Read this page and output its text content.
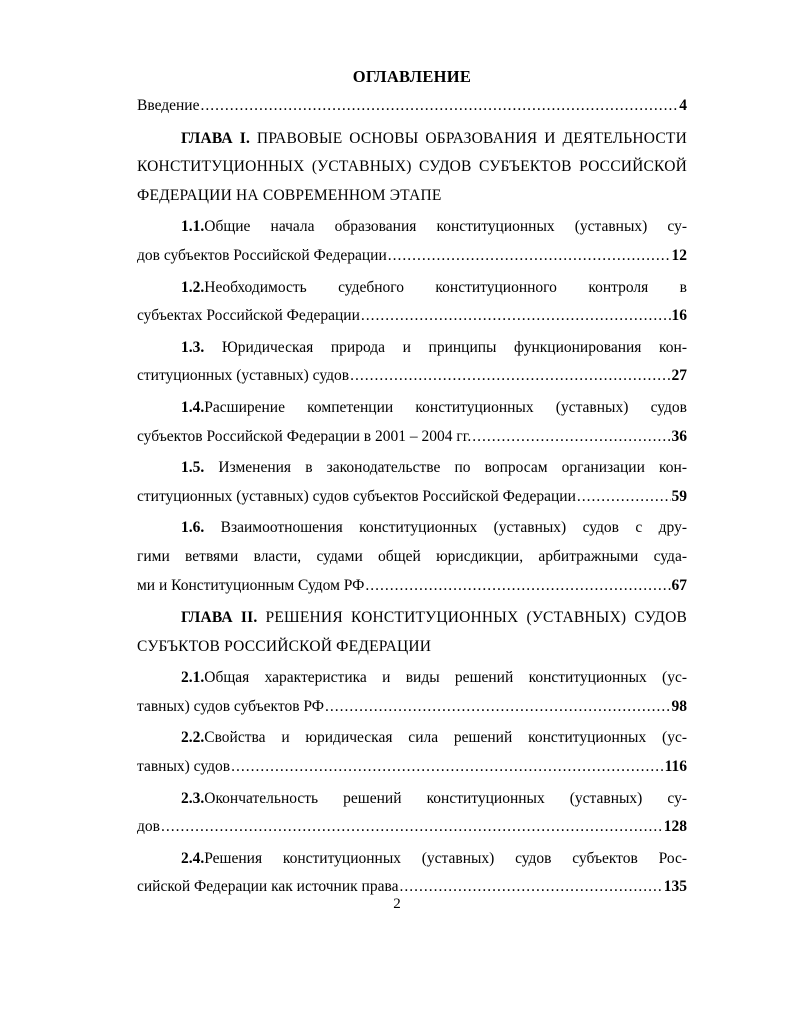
ОГЛАВЛЕНИЕ
Введение .....	4
ГЛАВА I. ПРАВОВЫЕ ОСНОВЫ ОБРАЗОВАНИЯ И ДЕЯТЕЛЬНОСТИ КОНСТИТУЦИОННЫХ (УСТАВНЫХ) СУДОВ СУБЪЕКТОВ РОССИЙСКОЙ ФЕДЕРАЦИИ НА СОВРЕМЕННОМ ЭТАПЕ
1.1.Общие начала образования конституционных (уставных) су-
дов субъектов Российской Федерации .....	12
1.2.Необходимость судебного конституционного контроля в
субъектах Российской Федерации .....	16
1.3. Юридическая природа и принципы функционирования кон-
ституционных (уставных) судов .....	27
1.4.Расширение компетенции конституционных (уставных) судов
субъектов Российской Федерации в 2001 – 2004 гг. .....	36
1.5. Изменения в законодательстве по вопросам организации кон-
ституционных (уставных) судов субъектов Российской Федерации .....	59
1.6. Взаимоотношения конституционных (уставных) судов с дру-
гими ветвями власти, судами общей юрисдикции, арбитражными суда-
ми и Конституционным Судом РФ .....	67
ГЛАВА II. РЕШЕНИЯ КОНСТИТУЦИОННЫХ (УСТАВНЫХ) СУДОВ СУБЪКТОВ РОССИЙСКОЙ ФЕДЕРАЦИИ
2.1.Общая характеристика и виды решений конституционных (ус-
тавных) судов субъектов РФ .....	98
2.2.Свойства и юридическая сила решений конституционных (ус-
тавных) судов .....	116
2.3.Окончательность решений конституционных (уставных) су-
дов .....	128
2.4.Решения конституционных (уставных) судов субъектов Рос-
сийской Федерации как источник права .....	135
2
